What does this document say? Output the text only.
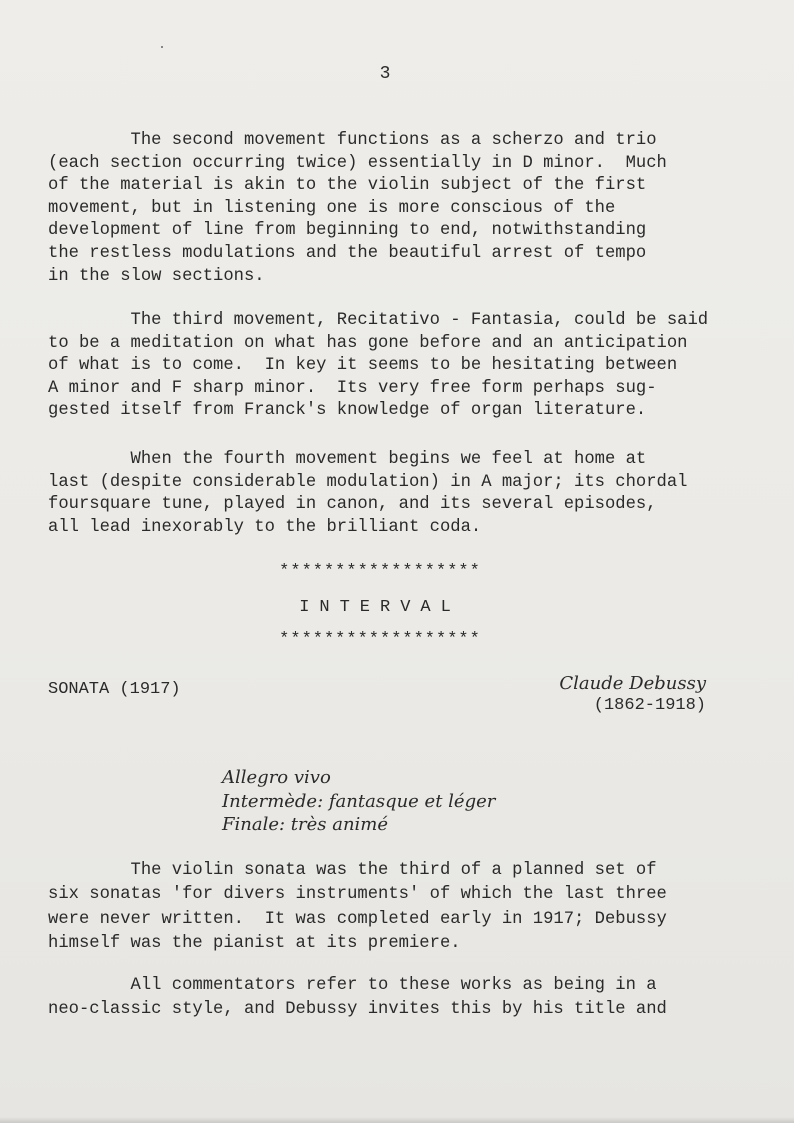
3

The second movement functions as a scherzo and trio
(each section occurring twice) essentially in D minor.  Much
of the material is akin to the violin subject of the first
movement, but in listening one is more conscious of the
development of line from beginning to end, notwithstanding
the restless modulations and the beautiful arrest of tempo
in the slow sections.

The third movement, Recitativo - Fantasia, could be said
to be a meditation on what has gone before and an anticipation
of what is to come.  In key it seems to be hesitating between
A minor and F sharp minor.  Its very free form perhaps sug-
gested itself from Franck's knowledge of organ literature.

When the fourth movement begins we feel at home at
last (despite considerable modulation) in A major; its chordal
foursquare tune, played in canon, and its several episodes,
all lead inexorably to the brilliant coda.

******************
INTERVAL
******************
SONATA (1917)	Claude Debussy
(1862-1918)
Allegro vivo
Intermède: fantasque et léger
Finale: très animé

The violin sonata was the third of a planned set of
six sonatas 'for divers instruments' of which the last three
were never written.  It was completed early in 1917; Debussy
himself was the pianist at its premiere.

All commentators refer to these works as being in a
neo-classic style, and Debussy invites this by his title and
